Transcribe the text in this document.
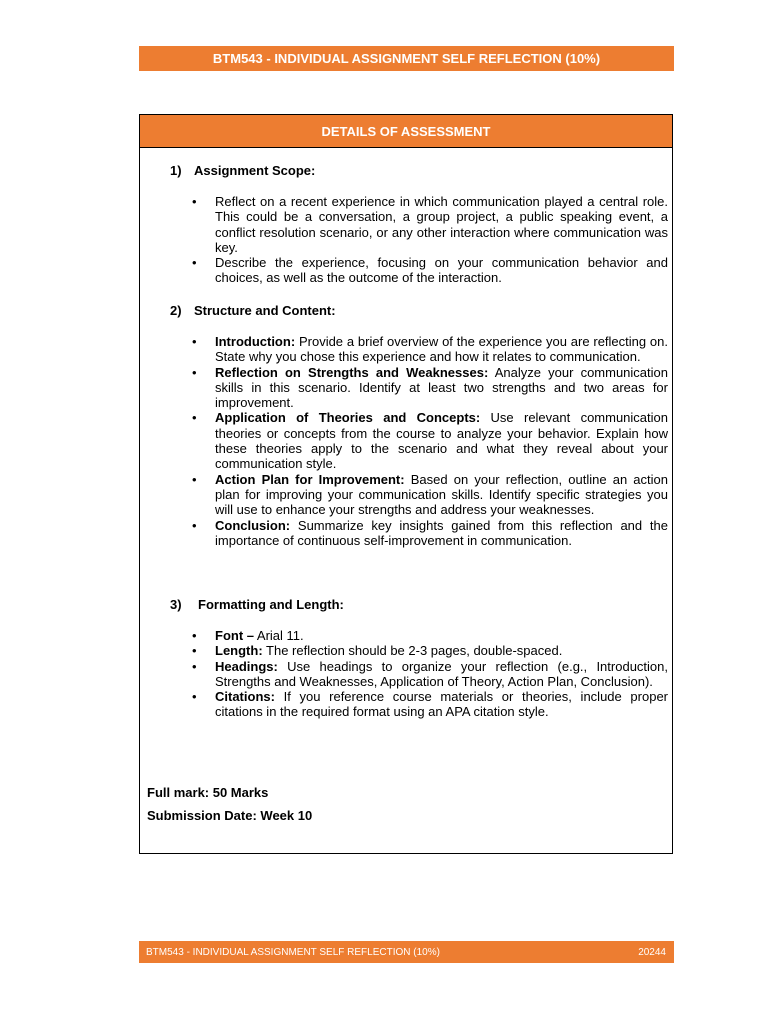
BTM543 - INDIVIDUAL ASSIGNMENT SELF REFLECTION (10%)
DETAILS OF ASSESSMENT
1) Assignment Scope:
• Reflect on a recent experience in which communication played a central role. This could be a conversation, a group project, a public speaking event, a conflict resolution scenario, or any other interaction where communication was key.
• Describe the experience, focusing on your communication behavior and choices, as well as the outcome of the interaction.
2) Structure and Content:
• Introduction: Provide a brief overview of the experience you are reflecting on. State why you chose this experience and how it relates to communication.
• Reflection on Strengths and Weaknesses: Analyze your communication skills in this scenario. Identify at least two strengths and two areas for improvement.
• Application of Theories and Concepts: Use relevant communication theories or concepts from the course to analyze your behavior. Explain how these theories apply to the scenario and what they reveal about your communication style.
• Action Plan for Improvement: Based on your reflection, outline an action plan for improving your communication skills. Identify specific strategies you will use to enhance your strengths and address your weaknesses.
• Conclusion: Summarize key insights gained from this reflection and the importance of continuous self-improvement in communication.
3) Formatting and Length:
• Font – Arial 11.
• Length: The reflection should be 2-3 pages, double-spaced.
• Headings: Use headings to organize your reflection (e.g., Introduction, Strengths and Weaknesses, Application of Theory, Action Plan, Conclusion).
• Citations: If you reference course materials or theories, include proper citations in the required format using an APA citation style.
Full mark: 50 Marks
Submission Date: Week 10
BTM543 - INDIVIDUAL ASSIGNMENT SELF REFLECTION (10%)	20244
